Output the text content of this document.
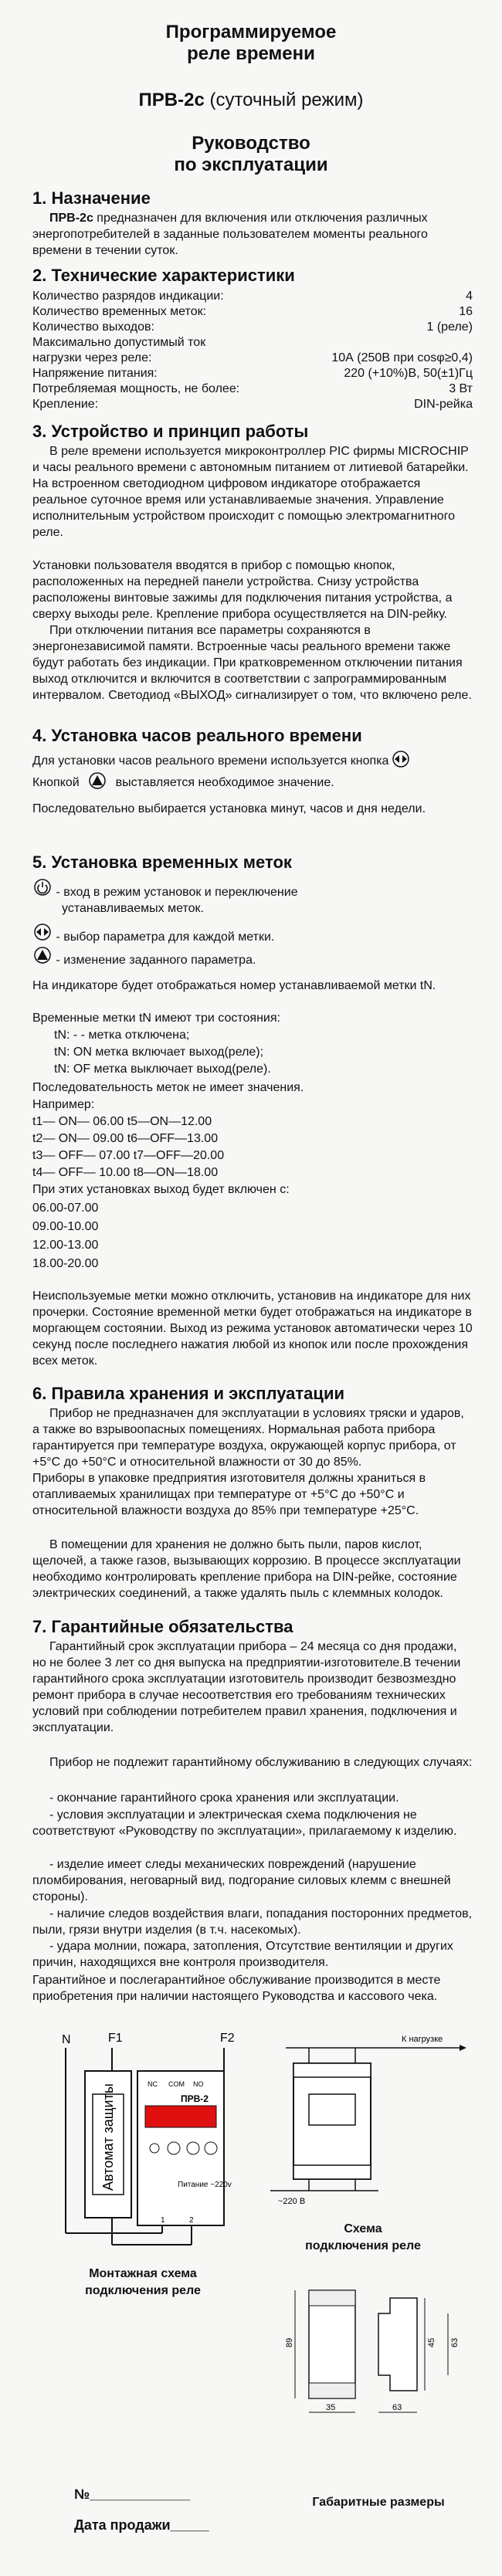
Программируемое
реле времени
ПРВ-2с (суточный режим)
Руководство
по эксплуатации
1. Назначение
ПРВ-2с предназначен для включения или отключения различных энергопотребителей в заданные пользователем моменты реального времени в течении суток.
2. Технические характеристики
Количество разрядов индикации:	4
Количество временных меток:	16
Количество выходов:	1 (реле)
Максимально допустимый ток
нагрузки через реле:	10А (250В при cosφ≥0,4)
Напряжение питания:	220 (+10%)В, 50(±1)Гц
Потребляемая мощность, не более:	3 Вт
Крепление:	DIN-рейка
3. Устройство и принцип работы
В реле времени используется микроконтроллер PIC фирмы MICROCHIP и часы реального времени с автономным питанием от литиевой батарейки. На встроенном светодиодном цифровом индикаторе отображается реальное суточное время или устанавливаемые значения. Управление исполнительным устройством происходит с помощью электромагнитного реле.
Установки пользователя вводятся в прибор с помощью кнопок, расположенных на передней панели устройства. Снизу устройства расположены винтовые зажимы для подключения питания устройства, а сверху выходы реле. Крепление прибора осуществляется на DIN-рейку.
При отключении питания все параметры сохраняются в энергонезависимой памяти. Встроенные часы реального времени также будут работать без индикации. При кратковременном отключении питания выход отключится и включится в соответствии с запрограммированным интервалом. Светодиод «ВЫХОД» сигнализирует о том, что включено реле.
4. Установка часов реального времени
Для установки часов реального времени используется кнопка
Кнопкой	выставляется необходимое значение.
Последовательно выбирается установка минут, часов и дня недели.
5. Установка временных меток
- вход в режим установок и переключение
устанавливаемых меток.
- выбор параметра для каждой метки.
- изменение заданного параметра.
На индикаторе будет отображаться номер устанавливаемой метки tN.
Временные метки tN имеют три состояния:
tN: - - метка отключена;
tN: ON метка включает выход(реле);
tN: OF метка выключает выход(реле).
Последовательность меток не имеет значения.
Например:
t1— ON— 06.00 t5—ON—12.00
t2— ON— 09.00 t6—OFF—13.00
t3— OFF— 07.00 t7—OFF—20.00
t4— OFF— 10.00 t8—ON—18.00
При этих установках выход будет включен с:
06.00-07.00
09.00-10.00
12.00-13.00
18.00-20.00
Неиспользуемые метки можно отключить, установив на индикаторе для них прочерки. Состояние временной метки будет отображаться на индикаторе в моргающем состоянии. Выход из режима установок автоматически через 10 секунд после последнего нажатия любой из кнопок или после прохождения всех меток.
6. Правила хранения и эксплуатации
Прибор не предназначен для эксплуатации в условиях тряски и ударов, а также во взрывоопасных помещениях. Нормальная работа прибора гарантируется при температуре воздуха, окружающей корпус прибора, от +5°С до +50°С и относительной влажности от 30 до 85%.
Приборы в упаковке предприятия изготовителя должны храниться в отапливаемых хранилищах при температуре от +5°С до +50°С и относительной влажности воздуха до 85% при температуре +25°С.
В помещении для хранения не должно быть пыли, паров кислот, щелочей, а также газов, вызывающих коррозию. В процессе эксплуатации необходимо контролировать крепление прибора на DIN-рейке, состояние электрических соединений, а также удалять пыль с клеммных колодок.
7. Гарантийные обязательства
Гарантийный срок эксплуатации прибора – 24 месяца со дня продажи, но не более 3 лет со дня выпуска на предприятии-изготовителе.В течении гарантийного срока эксплуатации изготовитель производит безвозмездно ремонт прибора в случае несоответствия его требованиям технических условий при соблюдении потребителем правил хранения, подключения и эксплуатации.
Прибор не подлежит гарантийному обслуживанию в следующих случаях:
- окончание гарантийного срока хранения или эксплуатации.
- условия эксплуатации и электрическая схема подключения не соответствуют «Руководству по эксплуатации», прилагаемому к изделию.
- изделие имеет следы механических повреждений (нарушение пломбирования, неговарный вид, подгорание силовых клемм с внешней стороны).
- наличие следов воздействия влаги, попадания посторонних предметов, пыли, грязи внутри изделия (в т.ч. насекомых).
- удара молнии, пожара, затопления, Отсутствие вентиляции и других причин, находящихся вне контроля производителя.
Гарантийное и послегарантийное обслуживание производится в месте приобретения при наличии настоящего Руководства и кассового чека.
N	F1	F2
Автомат защиты	NC COM NO
ПРВ-2
Питание ~220v
1	2
Монтажная схема
подключения реле
К нагрузке
~220 В
Схема
подключения реле
89	45 63
35	63
№_____________
Дата продажи_____
Габаритные размеры
